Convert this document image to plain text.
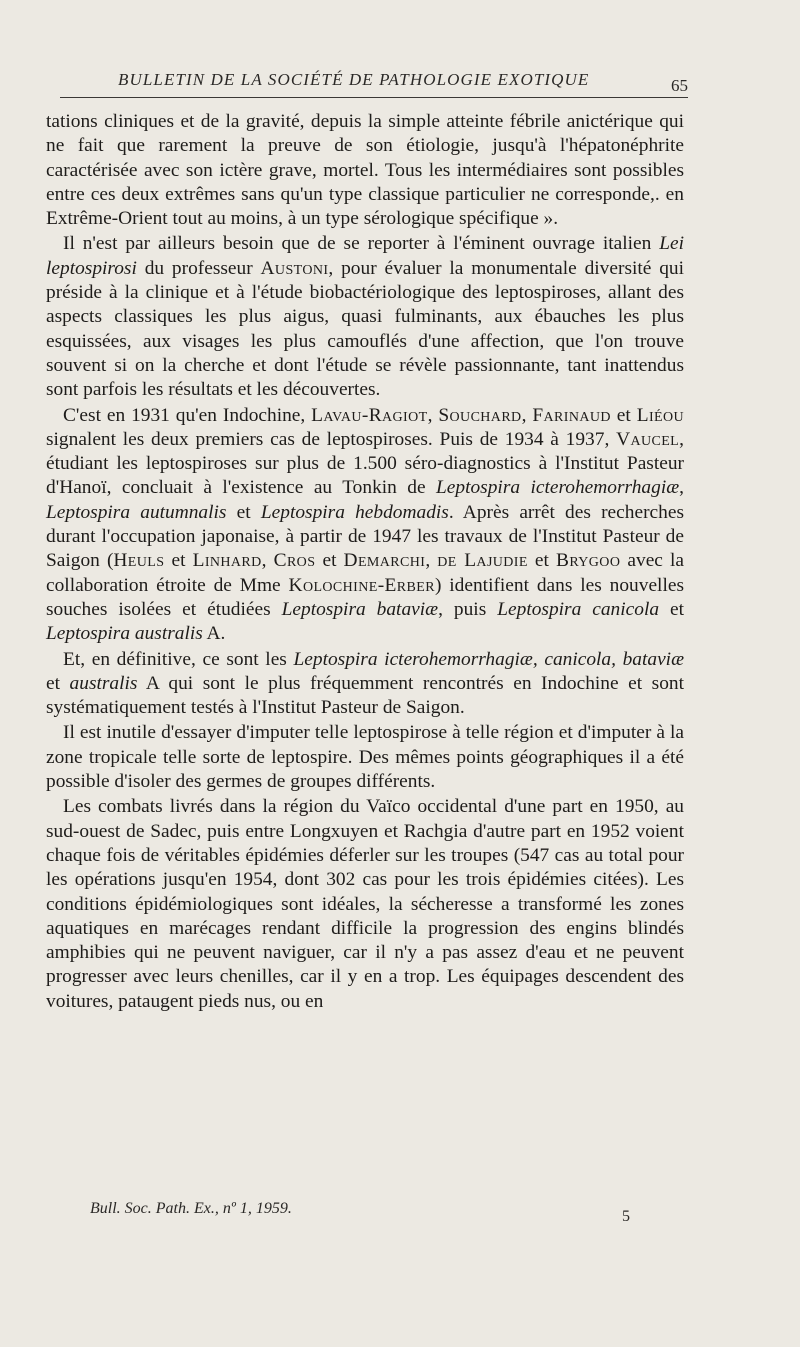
BULLETIN DE LA SOCIÉTÉ DE PATHOLOGIE EXOTIQUE	65

tations cliniques et de la gravité, depuis la simple atteinte fébrile anictérique qui ne fait que rarement la preuve de son étiologie, jusqu'à l'hépatonéphrite caractérisée avec son ictère grave, mortel. Tous les intermédiaires sont possibles entre ces deux extrêmes sans qu'un type classique particulier ne corresponde,. en Extrême-Orient tout au moins, à un type sérologique spécifique ».

Il n'est par ailleurs besoin que de se reporter à l'éminent ouvrage italien Lei leptospirosi du professeur Austoni, pour évaluer la monumentale diversité qui préside à la clinique et à l'étude biobactériologique des leptospiroses, allant des aspects classiques les plus aigus, quasi fulminants, aux ébauches les plus esquissées, aux visages les plus camouflés d'une affection, que l'on trouve souvent si on la cherche et dont l'étude se révèle passionnante, tant inattendus sont parfois les résultats et les découvertes.

C'est en 1931 qu'en Indochine, Lavau-Ragiot, Souchard, Farinaud et Liéou signalent les deux premiers cas de leptospiroses. Puis de 1934 à 1937, Vaucel, étudiant les leptospiroses sur plus de 1.500 séro-diagnostics à l'Institut Pasteur d'Hanoï, concluait à l'existence au Tonkin de Leptospira icterohemorrhagiæ, Leptospira autumnalis et Leptospira hebdomadis. Après arrêt des recherches durant l'occupation japonaise, à partir de 1947 les travaux de l'Institut Pasteur de Saigon (Heuls et Linhard, Cros et Demarchi, de Lajudie et Brygoo avec la collaboration étroite de Mme Kolochine-Erber) identifient dans les nouvelles souches isolées et étudiées Leptospira bataviæ, puis Leptospira canicola et Leptospira australis A.

Et, en définitive, ce sont les Leptospira icterohemorrhagiæ, canicola, bataviæ et australis A qui sont le plus fréquemment rencontrés en Indochine et sont systématiquement testés à l'Institut Pasteur de Saigon.

Il est inutile d'essayer d'imputer telle leptospirose à telle région et d'imputer à la zone tropicale telle sorte de leptospire. Des mêmes points géographiques il a été possible d'isoler des germes de groupes différents.

Les combats livrés dans la région du Vaïco occidental d'une part en 1950, au sud-ouest de Sadec, puis entre Longxuyen et Rachgia d'autre part en 1952 voient chaque fois de véritables épidémies déferler sur les troupes (547 cas au total pour les opérations jusqu'en 1954, dont 302 cas pour les trois épidémies citées). Les conditions épidémiologiques sont idéales, la sécheresse a transformé les zones aquatiques en marécages rendant difficile la progression des engins blindés amphibies qui ne peuvent naviguer, car il n'y a pas assez d'eau et ne peuvent progresser avec leurs chenilles, car il y en a trop. Les équipages descendent des voitures, pataugent pieds nus, ou en

Bull. Soc. Path. Ex., nº 1, 1959.	5
